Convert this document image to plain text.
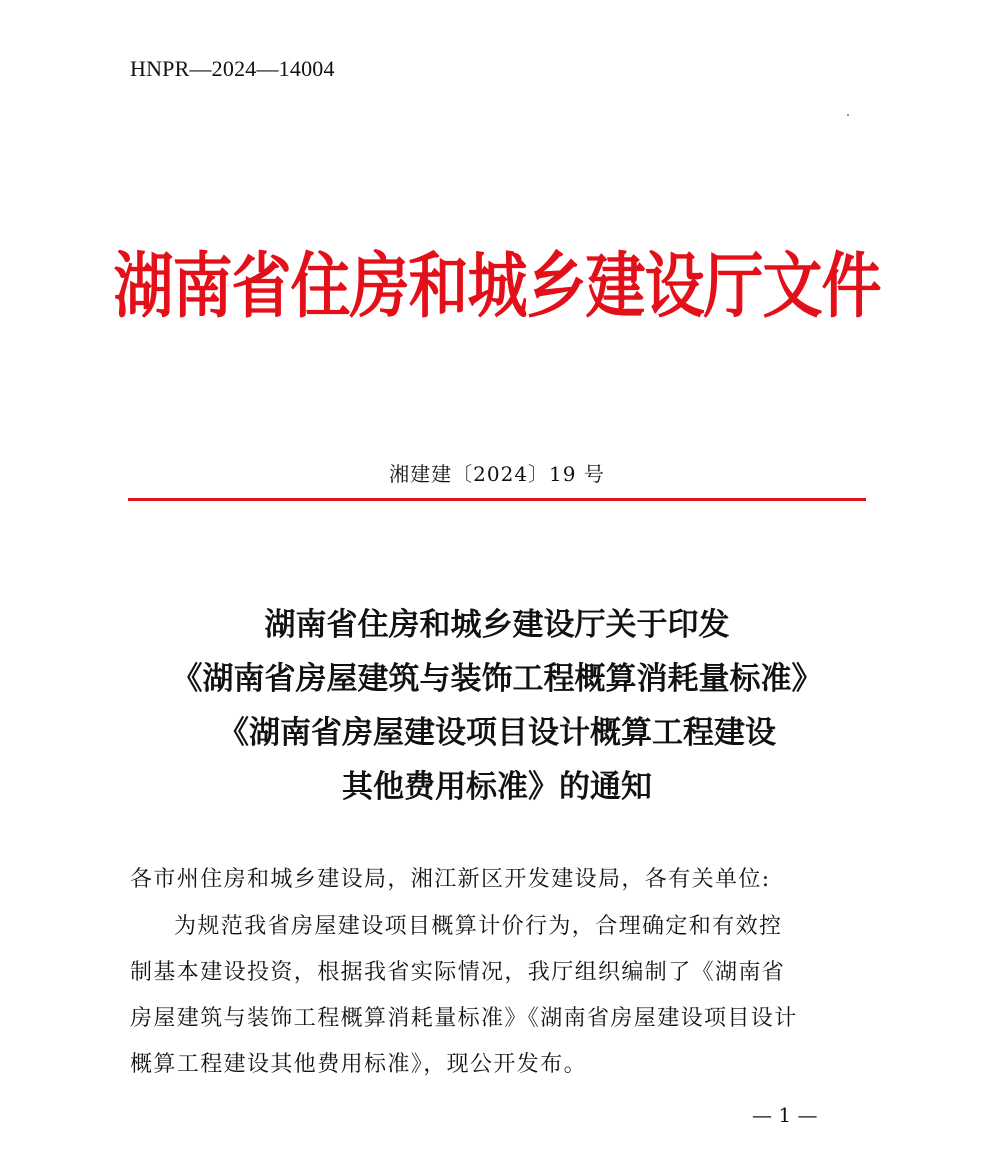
HNPR—2024—14004
湖南省住房和城乡建设厅文件
湘建建〔2024〕19 号
湖南省住房和城乡建设厅关于印发
《湖南省房屋建筑与装饰工程概算消耗量标准》
《湖南省房屋建设项目设计概算工程建设
其他费用标准》的通知
各市州住房和城乡建设局，湘江新区开发建设局，各有关单位:
为规范我省房屋建设项目概算计价行为，合理确定和有效控
制基本建设投资，根据我省实际情况，我厅组织编制了《湖南省
房屋建筑与装饰工程概算消耗量标准》《湖南省房屋建设项目设计
概算工程建设其他费用标准》，现公开发布。
— 1 —
